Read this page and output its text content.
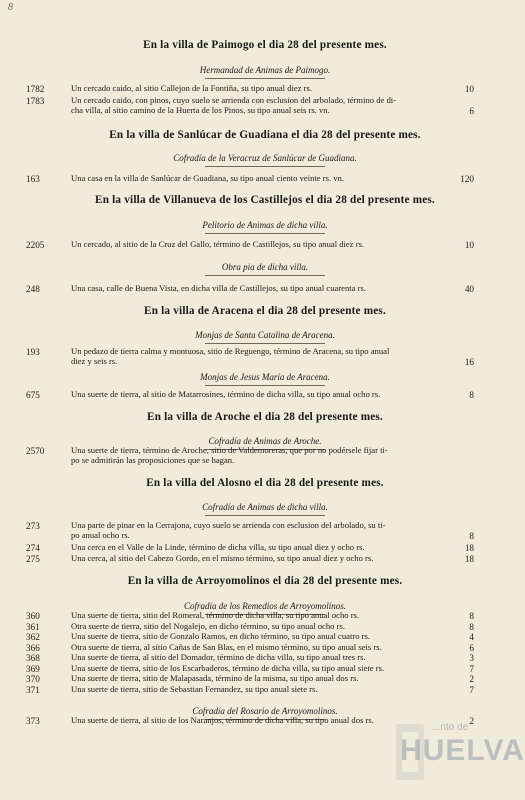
8
En la villa de Paimogo el dia 28 del presente mes.
Hermandad de Animas de Paimogo.
1782	Un cercado caido, al sitio Callejon de la Fontiña, su tipo anual diez rs.	10
1783	Un cercado caido, con pinos, cuyo suelo se arrienda con esclusion del arbolado, término de di-
cha villa, al sitio camino de la Huerta de los Pinos, su tipo anual seis rs. vn.	6
En la villa de Sanlúcar de Guadiana el dia 28 del presente mes.
Cofradía de la Veracruz de Sanlúcar de Guadiana.
163	Una casa en la villa de Sanlúcar de Guadiana, su tipo anual ciento veinte rs. vn.	120
En la villa de Villanueva de los Castillejos el dia 28 del presente mes.
Pelitorio de Animas de dicha villa.
2205	Un cercado, al sitio de la Cruz del Gallo, término de Castillejos, su tipo anual diez rs.	10
Obra pia de dicha villa.
248	Una casa, calle de Buena Vista, en dicha villa de Castillejos, su tipo anual cuarenta rs.	40
En la villa de Aracena el dia 28 del presente mes.
Monjas de Santa Catalina de Aracena.
193	Un pedazo de tierra calma y montuosa, sitio de Reguengo, término de Aracena, su tipo anual
diez y seis rs.	16
Monjas de Jesus María de Aracena.
675	Una suerte de tierra, al sitio de Matarrosines, término de dicha villa, su tipo anual ocho rs.	8
En la villa de Aroche el dia 28 del presente mes.
Cofradía de Animas de Aroche.
2570	Una suerte de tierra, término de Aroche, sitio de Valdemoreras, que por no podérsele fijar ti-
po se admitirán las proposiciones que se hagan.
En la villa del Alosno el dia 28 del presente mes.
Cofradía de Animas de dicha villa.
273	Una parte de pinar en la Cerrajona, cuyo suelo se arrienda con esclusion del arbolado, su ti-
po anual ocho rs.	8
274	Una cerca en el Valle de la Linde, término de dicha villa, su tipo anual diez y ocho rs.	18
275	Una cerca, al sitio del Cabezo Gordo, en el mismo término, su tipo anual diez y ocho rs.	18
En la villa de Arroyomolinos el dia 28 del presente mes.
Cofradía de los Remedios de Arroyomolinos.
360	Una suerte de tierra, sitio del Romeral, término de dicha villa, su tipo anual ocho rs.	8
361	Otra suerte de tierra, sitio del Nogalejo, en dicho término, su tipo anual ocho rs.	8
362	Una suerte de tierra, sitio de Gonzalo Ramos, en dicho término, su tipo anual cuatro rs.	4
366	Otra suerte de tierra, al sitio Cañas de San Blas, en el mismo término, su tipo anual seis rs.	6
368	Una suerte de tierra, al sitio del Domador, término de dicha villa, su tipo anual tres rs.	3
369	Una suerte de tierra, sitio de los Escarbaderos, término de dicha villa, su tipo anual siete rs.	7
370	Una suerte de tierra, sitio de Malapasada, término de la misma, su tipo anual dos rs.	2
371	Una suerte de tierra, sitio de Sebastian Fernandez, su tipo anual siete rs.	7
Cofradía del Rosario de Arroyomolinos.
373	Una suerte de tierra, al sitio de los Naranjos, término de dicha villa, su tipo anual dos rs.	2
...nto de
HUELVA
